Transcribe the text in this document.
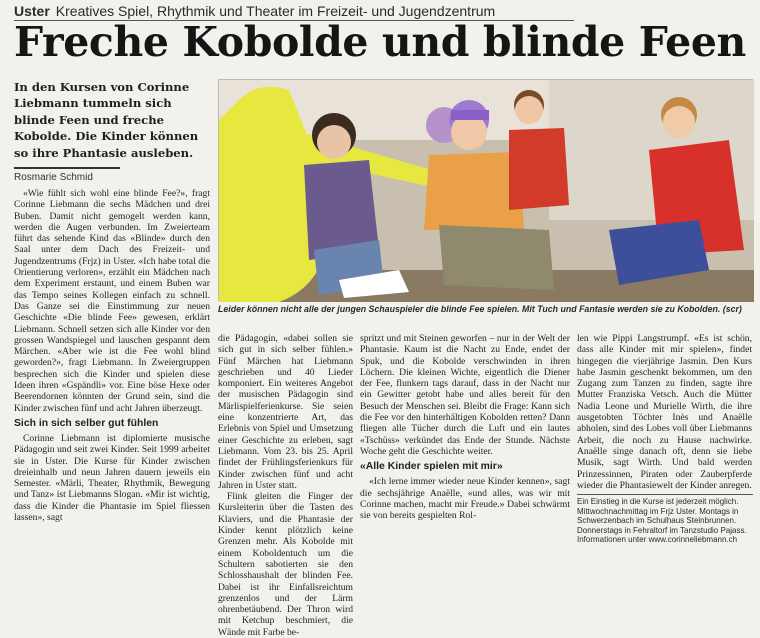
Uster Kreatives Spiel, Rhythmik und Theater im Freizeit- und Jugendzentrum
Freche Kobolde und blinde Feen
In den Kursen von Corinne Liebmann tummeln sich blinde Feen und freche Kobolde. Die Kinder können so ihre Phantasie ausleben.
Rosmarie Schmid
Leider können nicht alle der jungen Schauspieler die blinde Fee spielen. Mit Tuch und Fantasie werden sie zu Kobolden. (scr)

«Wie fühlt sich wohl eine blinde Fee?», fragt Corinne Liebmann die sechs Mädchen und drei Buben. Damit nicht gemogelt werden kann, werden die Augen verbunden. Im Zweierteam führt das sehende Kind das «Blinde» durch den Saal unter dem Dach des Freizeit- und Jugendzentrums (Frjz) in Uster. «Ich habe total die Orientierung verloren», erzählt ein Mädchen nach dem Experiment erstaunt, und einem Buben war das Tempo seines Kollegen einfach zu schnell. Das Ganze sei die Einstimmung zur neuen Geschichte «Die blinde Fee» gewesen, erklärt Liebmann. Schnell setzen sich alle Kinder vor den grossen Wandspiegel und lauschen gespannt dem Märchen. «Aber wie ist die Fee wohl blind geworden?», fragt Liebmann. In Zweiergruppen besprechen sich die Kinder und spielen diese Ideen ihren «Gspändli» vor. Eine böse Hexe oder Beerendornen könnten der Grund sein, sind die Kinder zwischen fünf und acht Jahren überzeugt.

Sich in sich selber gut fühlen

Corinne Liebmann ist diplomierte musische Pädagogin und seit zwei Kinder. Seit 1999 arbeitet sie in Uster. Die Kurse für Kinder zwischen dreieinhalb und neun Jahren dauern jeweils ein Semester. «Märli, Theater, Rhythmik, Bewegung und Tanz» ist Liebmanns Slogan. «Mir ist wichtig, dass die Kinder die Phantasie im Spiel fliessen lassen», sagt

die Pädagogin, «dabei sollen sie sich gut in sich selber fühlen.» Fünf Märchen hat Liebmann geschrieben und 40 Lieder komponiert. Ein weiteres Angebot der musischen Pädagogin sind Märlispielferienkurse. Sie seien eine konzentrierte Art, das Erlebnis von Spiel und Umsetzung einer Geschichte zu erleben, sagt Liebmann. Vom 23. bis 25. April findet der Frühlingsferienkurs für Kinder zwischen fünf und acht Jahren in Uster statt.

Flink gleiten die Finger der Kursleiterin über die Tasten des Klaviers, und die Phantasie der Kinder kennt plötzlich keine Grenzen mehr. Als Kobolde mit einem Koboldentuch um die Schultern sabotierten sie den Schlosshaushalt der blinden Fee. Dabei ist ihr Einfallsreichtum grenzenlos und der Lärm ohrenbetäubend. Der Thron wird mit Ketchup beschmiert, die Wände mit Farbe be-

spritzt und mit Steinen geworfen – nur in der Welt der Phantasie. Kaum ist die Nacht zu Ende, endet der Spuk, und die Kobolde verschwinden in ihren Löchern. Die kleinen Wichte, eigentlich die Diener der Fee, flunkern tags darauf, dass in der Nacht nur ein Gewitter getobt habe und alles bereit für den Besuch der Menschen sei. Bleibt die Frage: Kann sich die Fee vor den hinterhältigen Kobolden retten? Dann fliegen alle Tücher durch die Luft und ein lautes «Tschüss» verkündet das Ende der Stunde. Nächste Woche geht die Geschichte weiter.

«Alle Kinder spielen mit mir»

«Ich lerne immer wieder neue Kinder kennen», sagt die sechsjährige Anaëlle, «und alles, was wir mit Corinne machen, macht mir Freude.» Dabei schwärmt sie von bereits gespielten Rol-

len wie Pippi Langstrumpf. «Es ist schön, dass alle Kinder mit mir spielen», findet hingegen die vierjährige Jasmin. Den Kurs habe Jasmin geschenkt bekommen, um den Zugang zum Tanzen zu finden, sagte ihre Mutter Franziska Vetsch. Auch die Mütter Nadia Leone und Murielle Wirth, die ihre ausgetobten Töchter Inès und Anaëlle abholen, sind des Lobes voll über Liebmanns Arbeit, die noch zu Hause nachwirke. Anaëlle singe danach oft, denn sie liebe Musik, sagt Wirth. Und bald werden Prinzessinnen, Piraten oder Zauberpferde wieder die Phantasiewelt der Kinder anregen.

Ein Einstieg in die Kurse ist jederzeit möglich. Mittwochnachmittag im Frjz Uster. Montags in Schwerzenbach im Schulhaus Steinbrunnen. Donnerstags in Fehraltorf im Tanzstudio Pajass. Informationen unter www.corinneliebmann.ch
